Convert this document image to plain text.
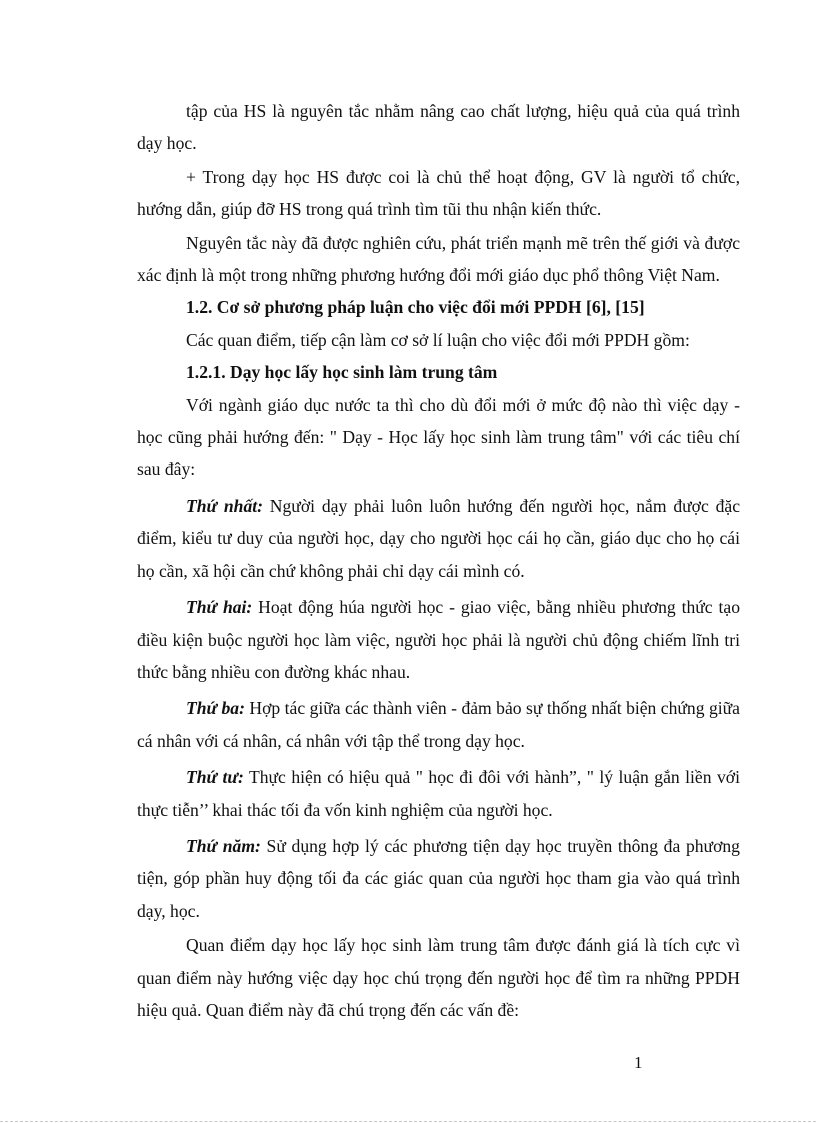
tập của HS là nguyên tắc nhằm nâng cao chất lượng, hiệu quả của quá trình dạy học.

+ Trong dạy học HS được coi là chủ thể hoạt động, GV là người tổ chức, hướng dẫn, giúp đỡ HS trong quá trình tìm tũi thu nhận kiến thức.

Nguyên tắc này đã được nghiên cứu, phát triển mạnh mẽ trên thế giới và được xác định là một trong những phương hướng đổi mới giáo dục phổ thông Việt Nam.

1.2. Cơ sở phương pháp luận cho việc đổi mới PPDH [6], [15]

Các quan điểm, tiếp cận làm cơ sở lí luận cho việc đổi mới PPDH gồm:

1.2.1. Dạy học lấy học sinh làm trung tâm

Với ngành giáo dục nước ta thì cho dù đổi mới ở mức độ nào thì việc dạy - học cũng phải hướng đến: " Dạy - Học lấy học sinh làm trung tâm" với các tiêu chí sau đây:

Thứ nhất: Người dạy phải luôn luôn hướng đến người học, nắm được đặc điểm, kiểu tư duy của người học, dạy cho người học cái họ cần, giáo dục cho họ cái họ cần, xã hội cần chứ không phải chỉ dạy cái mình có.

Thứ hai: Hoạt động húa người học - giao việc, bằng nhiều phương thức tạo điều kiện buộc người học làm việc, người học phải là người chủ động chiếm lĩnh tri thức bằng nhiều con đường khác nhau.

Thứ ba: Hợp tác giữa các thành viên - đảm bảo sự thống nhất biện chứng giữa cá nhân với cá nhân, cá nhân với tập thể trong dạy học.

Thứ tư: Thực hiện có hiệu quả " học đi đôi với hành”, " lý luận gắn liền với thực tiễn’’ khai thác tối đa vốn kinh nghiệm của người học.

Thứ năm: Sử dụng hợp lý các phương tiện dạy học truyền thông đa phương tiện, góp phần huy động tối đa các giác quan của người học tham gia vào quá trình dạy, học.

Quan điểm dạy học lấy học sinh làm trung tâm được đánh giá là tích cực vì quan điểm này hướng việc dạy học chú trọng đến người học để tìm ra những PPDH hiệu quả. Quan điểm này đã chú trọng đến các vấn đề:

1
